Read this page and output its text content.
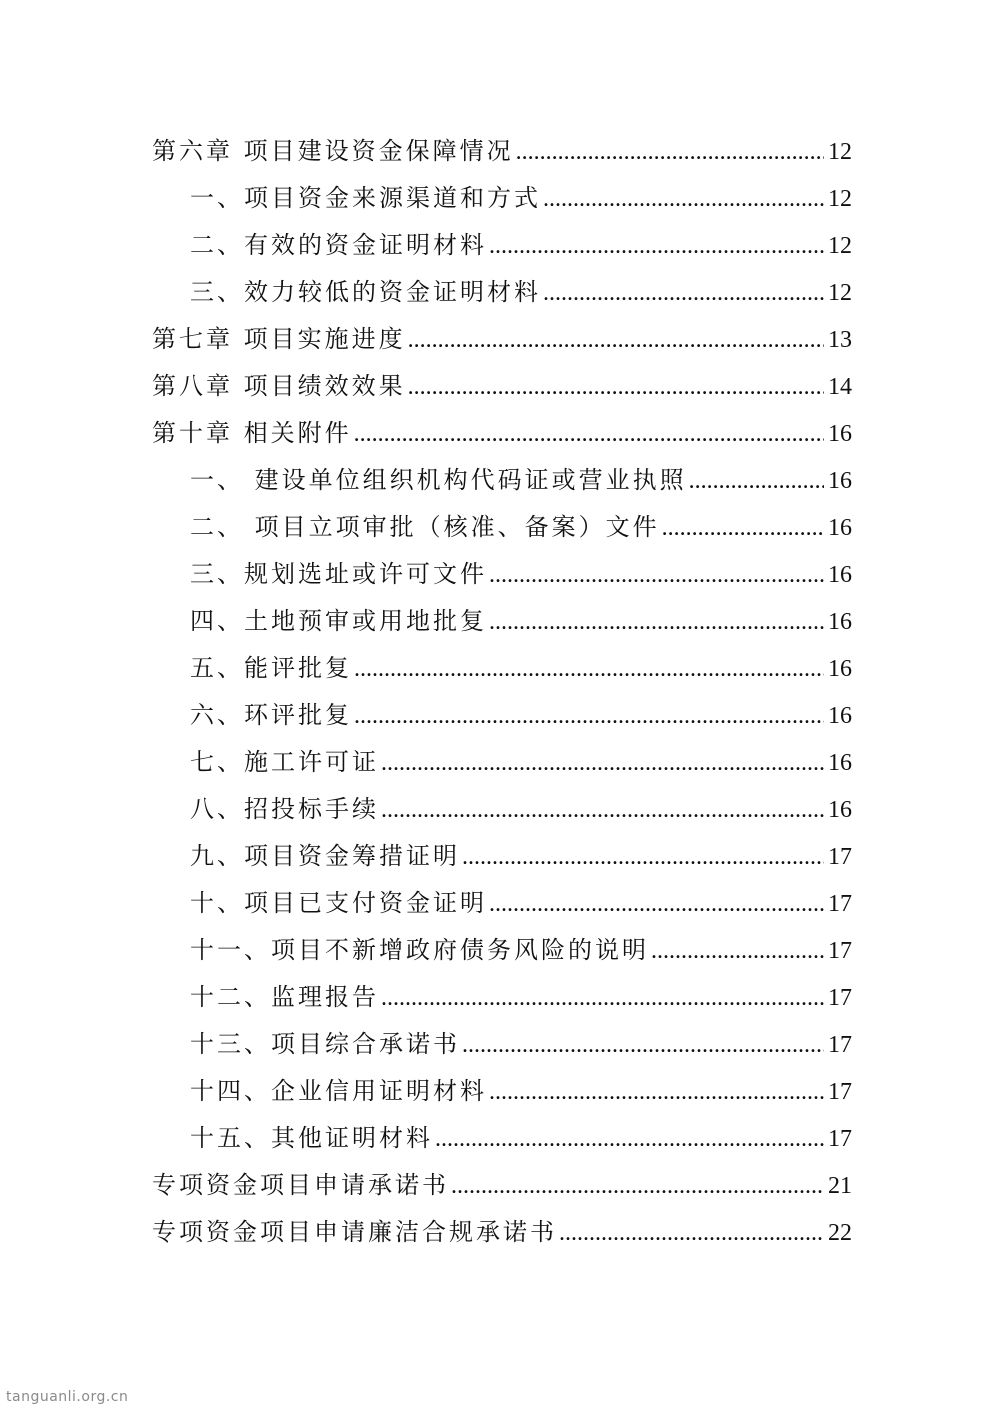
第六章 项目建设资金保障情况 .....	12
一、项目资金来源渠道和方式 .....	12
二、有效的资金证明材料 .....	12
三、效力较低的资金证明材料 .....	12
第七章 项目实施进度 .....	13
第八章 项目绩效效果 .....	14
第十章 相关附件 .....	16
一、 建设单位组织机构代码证或营业执照 .....	16
二、 项目立项审批（核准、备案）文件 .....	16
三、规划选址或许可文件 .....	16
四、土地预审或用地批复 .....	16
五、能评批复 .....	16
六、环评批复 .....	16
七、施工许可证 .....	16
八、招投标手续 .....	16
九、项目资金筹措证明 .....	17
十、项目已支付资金证明 .....	17
十一、项目不新增政府债务风险的说明 .....	17
十二、监理报告 .....	17
十三、项目综合承诺书 .....	17
十四、企业信用证明材料 .....	17
十五、其他证明材料 .....	17
专项资金项目申请承诺书 .....	21
专项资金项目申请廉洁合规承诺书 .....	22
tanguanli.org.cn
